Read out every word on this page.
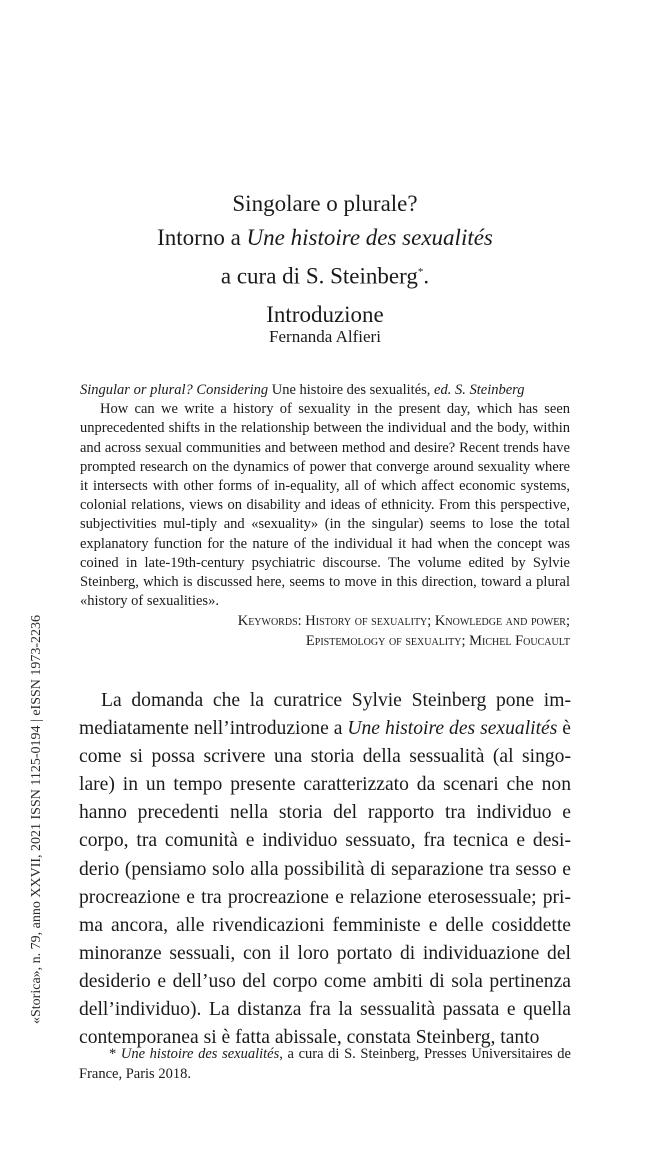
Singolare o plurale?
Intorno a Une histoire des sexualités
a cura di S. Steinberg*.
Introduzione
Fernanda Alfieri
Singular or plural? Considering Une histoire des sexualités, ed. S. Steinberg
How can we write a history of sexuality in the present day, which has seen unprecedented shifts in the relationship between the individual and the body, within and across sexual communities and between method and desire? Recent trends have prompted research on the dynamics of power that converge around sexuality where it intersects with other forms of in-equality, all of which affect economic systems, colonial relations, views on disability and ideas of ethnicity. From this perspective, subjectivities mul-tiply and «sexuality» (in the singular) seems to lose the total explanatory function for the nature of the individual it had when the concept was coined in late-19th-century psychiatric discourse. The volume edited by Sylvie Steinberg, which is discussed here, seems to move in this direction, toward a plural «history of sexualities».
Keywords: History of sexuality; Knowledge and power;
Epistemology of sexuality; Michel Foucault
La domanda che la curatrice Sylvie Steinberg pone im-mediatamente nell’introduzione a Une histoire des sexualités è come si possa scrivere una storia della sessualità (al singo-lare) in un tempo presente caratterizzato da scenari che non hanno precedenti nella storia del rapporto tra individuo e corpo, tra comunità e individuo sessuato, fra tecnica e desi-derio (pensiamo solo alla possibilità di separazione tra sesso e procreazione e tra procreazione e relazione eterosessuale; pri-ma ancora, alle rivendicazioni femministe e delle cosiddette minoranze sessuali, con il loro portato di individuazione del desiderio e dell’uso del corpo come ambiti di sola pertinenza dell’individuo). La distanza fra la sessualità passata e quella contemporanea si è fatta abissale, constata Steinberg, tanto
* Une histoire des sexualités, a cura di S. Steinberg, Presses Universitaires de France, Paris 2018.
«Storica», n. 79, anno XXVII, 2021 ISSN 1125-0194 | eISSN 1973-2236
